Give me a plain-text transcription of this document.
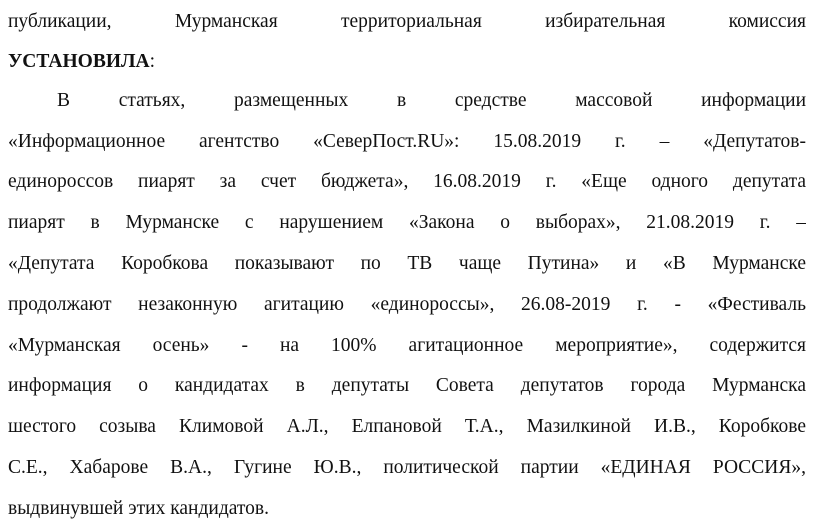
публикации, Мурманская территориальная избирательная комиссия
УСТАНОВИЛА:
В статьях, размещенных в средстве массовой информации
«Информационное агентство «СеверПост.RU»: 15.08.2019 г. – «Депутатов-
единороссов пиарят за счет бюджета», 16.08.2019 г. «Еще одного депутата
пиарят в Мурманске с нарушением «Закона о выборах», 21.08.2019 г. –
«Депутата Коробкова показывают по ТВ чаще Путина» и «В Мурманске
продолжают незаконную агитацию «единороссы», 26.08-2019 г. - «Фестиваль
«Мурманская осень» - на 100% агитационное мероприятие», содержится
информация о кандидатах в депутаты Совета депутатов города Мурманска
шестого созыва Климовой А.Л., Елпановой Т.А., Мазилкиной И.В., Коробкове
С.Е., Хабарове В.А., Гугине Ю.В., политической партии «ЕДИНАЯ РОССИЯ»,
выдвинувшей этих кандидатов.
